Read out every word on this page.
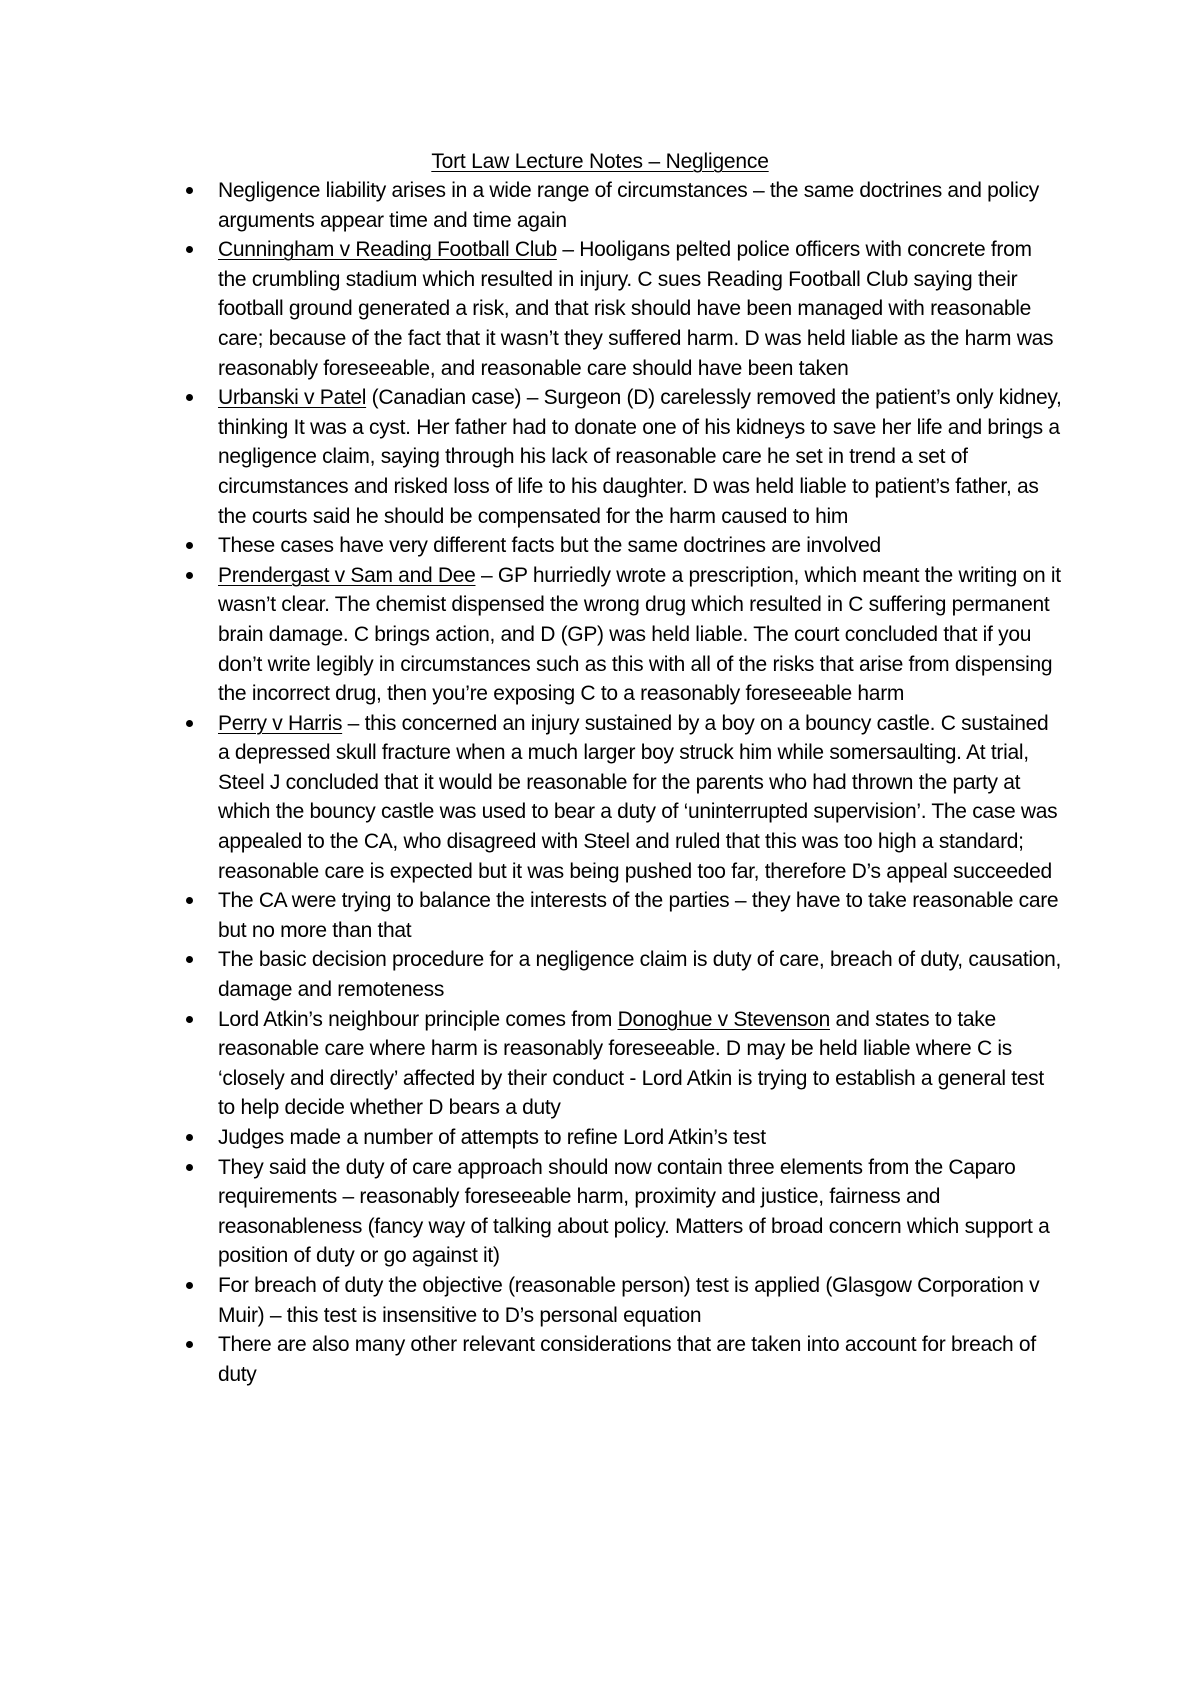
Tort Law Lecture Notes – Negligence
Negligence liability arises in a wide range of circumstances – the same doctrines and policy arguments appear time and time again
Cunningham v Reading Football Club – Hooligans pelted police officers with concrete from the crumbling stadium which resulted in injury. C sues Reading Football Club saying their football ground generated a risk, and that risk should have been managed with reasonable care; because of the fact that it wasn’t they suffered harm. D was held liable as the harm was reasonably foreseeable, and reasonable care should have been taken
Urbanski v Patel (Canadian case) – Surgeon (D) carelessly removed the patient’s only kidney, thinking It was a cyst. Her father had to donate one of his kidneys to save her life and brings a negligence claim, saying through his lack of reasonable care he set in trend a set of circumstances and risked loss of life to his daughter. D was held liable to patient’s father, as the courts said he should be compensated for the harm caused to him
These cases have very different facts but the same doctrines are involved
Prendergast v Sam and Dee – GP hurriedly wrote a prescription, which meant the writing on it wasn’t clear. The chemist dispensed the wrong drug which resulted in C suffering permanent brain damage. C brings action, and D (GP) was held liable. The court concluded that if you don’t write legibly in circumstances such as this with all of the risks that arise from dispensing the incorrect drug, then you’re exposing C to a reasonably foreseeable harm
Perry v Harris – this concerned an injury sustained by a boy on a bouncy castle. C sustained a depressed skull fracture when a much larger boy struck him while somersaulting. At trial, Steel J concluded that it would be reasonable for the parents who had thrown the party at which the bouncy castle was used to bear a duty of ‘uninterrupted supervision’. The case was appealed to the CA, who disagreed with Steel and ruled that this was too high a standard; reasonable care is expected but it was being pushed too far, therefore D’s appeal succeeded
The CA were trying to balance the interests of the parties – they have to take reasonable care but no more than that
The basic decision procedure for a negligence claim is duty of care, breach of duty, causation, damage and remoteness
Lord Atkin’s neighbour principle comes from Donoghue v Stevenson and states to take reasonable care where harm is reasonably foreseeable. D may be held liable where C is ‘closely and directly’ affected by their conduct - Lord Atkin is trying to establish a general test to help decide whether D bears a duty
Judges made a number of attempts to refine Lord Atkin’s test
They said the duty of care approach should now contain three elements from the Caparo requirements – reasonably foreseeable harm, proximity and justice, fairness and reasonableness (fancy way of talking about policy. Matters of broad concern which support a position of duty or go against it)
For breach of duty the objective (reasonable person) test is applied (Glasgow Corporation v Muir) – this test is insensitive to D’s personal equation
There are also many other relevant considerations that are taken into account for breach of duty
